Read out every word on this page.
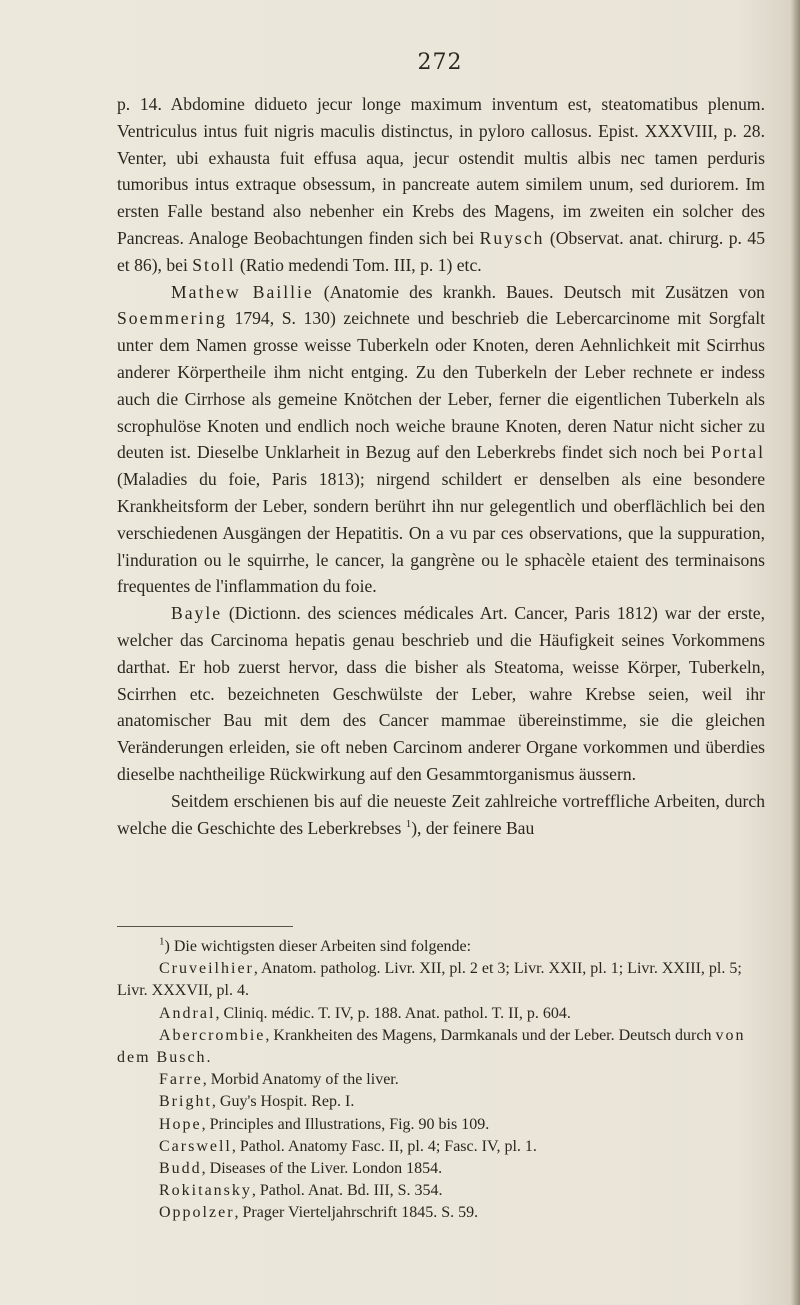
272

p. 14. Abdomine didueto jecur longe maximum inventum est, steatomatibus plenum. Ventriculus intus fuit nigris maculis distinctus, in pyloro callosus. Epist. XXXVIII, p. 28. Venter, ubi exhausta fuit effusa aqua, jecur ostendit multis albis nec tamen perduris tumoribus intus extraque obsessum, in pancreate autem similem unum, sed duriorem. Im ersten Falle bestand also nebenher ein Krebs des Magens, im zweiten ein solcher des Pancreas. Analoge Beobachtungen finden sich bei Ruysch (Observat. anat. chirurg. p. 45 et 86), bei Stoll (Ratio medendi Tom. III, p. 1) etc.

Mathew Baillie (Anatomie des krankh. Baues. Deutsch mit Zusätzen von Soemmering 1794, S. 130) zeichnete und beschrieb die Lebercarcinome mit Sorgfalt unter dem Namen grosse weisse Tuberkeln oder Knoten, deren Aehnlichkeit mit Scirrhus anderer Körpertheile ihm nicht entging. Zu den Tuberkeln der Leber rechnete er indess auch die Cirrhose als gemeine Knötchen der Leber, ferner die eigentlichen Tuberkeln als scrophulöse Knoten und endlich noch weiche braune Knoten, deren Natur nicht sicher zu deuten ist. Dieselbe Unklarheit in Bezug auf den Leberkrebs findet sich noch bei Portal (Maladies du foie, Paris 1813); nirgend schildert er denselben als eine besondere Krankheitsform der Leber, sondern berührt ihn nur gelegentlich und oberflächlich bei den verschiedenen Ausgängen der Hepatitis. On a vu par ces observations, que la suppuration, l'induration ou le squirrhe, le cancer, la gangrène ou le sphacèle etaient des terminaisons frequentes de l'inflammation du foie.

Bayle (Dictionn. des sciences médicales Art. Cancer, Paris 1812) war der erste, welcher das Carcinoma hepatis genau beschrieb und die Häufigkeit seines Vorkommens darthat. Er hob zuerst hervor, dass die bisher als Steatoma, weisse Körper, Tuberkeln, Scirrhen etc. bezeichneten Geschwülste der Leber, wahre Krebse seien, weil ihr anatomischer Bau mit dem des Cancer mammae übereinstimme, sie die gleichen Veränderungen erleiden, sie oft neben Carcinom anderer Organe vorkommen und überdies dieselbe nachtheilige Rückwirkung auf den Gesammtorganismus äussern.

Seitdem erschienen bis auf die neueste Zeit zahlreiche vortreffliche Arbeiten, durch welche die Geschichte des Leberkrebses $^1$), der feinere Bau

$^1$) Die wichtigsten dieser Arbeiten sind folgende:

Cruveilhier, Anatom. patholog. Livr. XII, pl. 2 et 3; Livr. XXII, pl. 1; Livr. XXIII, pl. 5; Livr. XXXVII, pl. 4.

Andral, Cliniq. médic. T. IV, p. 188. Anat. pathol. T. II, p. 604.

Abercrombie, Krankheiten des Magens, Darmkanals und der Leber. Deutsch durch von dem Busch.

Farre, Morbid Anatomy of the liver.

Bright, Guy's Hospit. Rep. I.

Hope, Principles and Illustrations, Fig. 90 bis 109.

Carswell, Pathol. Anatomy Fasc. II, pl. 4; Fasc. IV, pl. 1.

Budd, Diseases of the Liver. London 1854.

Rokitansky, Pathol. Anat. Bd. III, S. 354.

Oppolzer, Prager Vierteljahrschrift 1845. S. 59.
